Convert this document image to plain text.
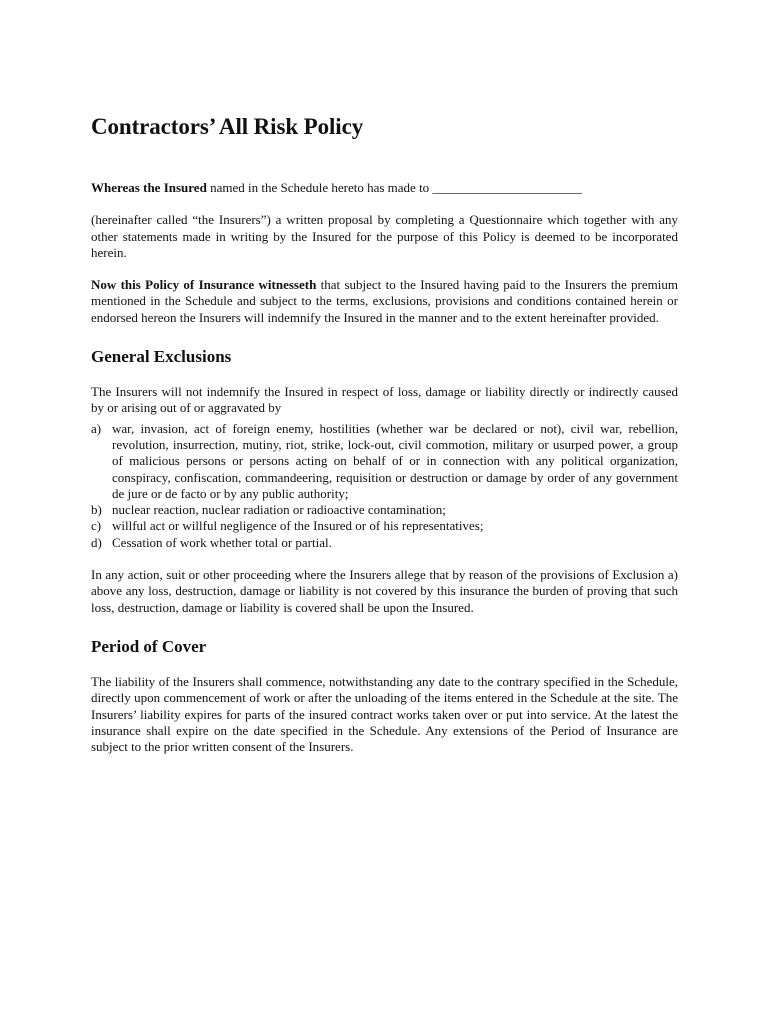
Contractors’ All Risk Policy

Whereas the Insured named in the Schedule hereto has made to _______________________

(hereinafter called “the Insurers”) a written proposal by completing a Questionnaire which together with any other statements made in writing by the Insured for the purpose of this Policy is deemed to be incorporated herein.

Now this Policy of Insurance witnesseth that subject to the Insured having paid to the Insurers the premium mentioned in the Schedule and subject to the terms, exclusions, provisions and conditions contained herein or endorsed hereon the Insurers will indemnify the Insured in the manner and to the extent hereinafter provided.

General Exclusions

The Insurers will not indemnify the Insured in respect of loss, damage or liability directly or indirectly caused by or arising out of or aggravated by

a) war, invasion, act of foreign enemy, hostilities (whether war be declared or not), civil war, rebellion, revolution, insurrection, mutiny, riot, strike, lock-out, civil commotion, military or usurped power, a group of malicious persons or persons acting on behalf of or in connection with any political organization, conspiracy, confiscation, commandeering, requisition or destruction or damage by order of any government de jure or de facto or by any public authority;
b) nuclear reaction, nuclear radiation or radioactive contamination;
c) willful act or willful negligence of the Insured or of his representatives;
d) Cessation of work whether total or partial.

In any action, suit or other proceeding where the Insurers allege that by reason of the provisions of Exclusion a) above any loss, destruction, damage or liability is not covered by this insurance the burden of proving that such loss, destruction, damage or liability is covered shall be upon the Insured.

Period of Cover

The liability of the Insurers shall commence, notwithstanding any date to the contrary specified in the Schedule, directly upon commencement of work or after the unloading of the items entered in the Schedule at the site. The Insurers’ liability expires for parts of the insured contract works taken over or put into service. At the latest the insurance shall expire on the date specified in the Schedule. Any extensions of the Period of Insurance are subject to the prior written consent of the Insurers.
